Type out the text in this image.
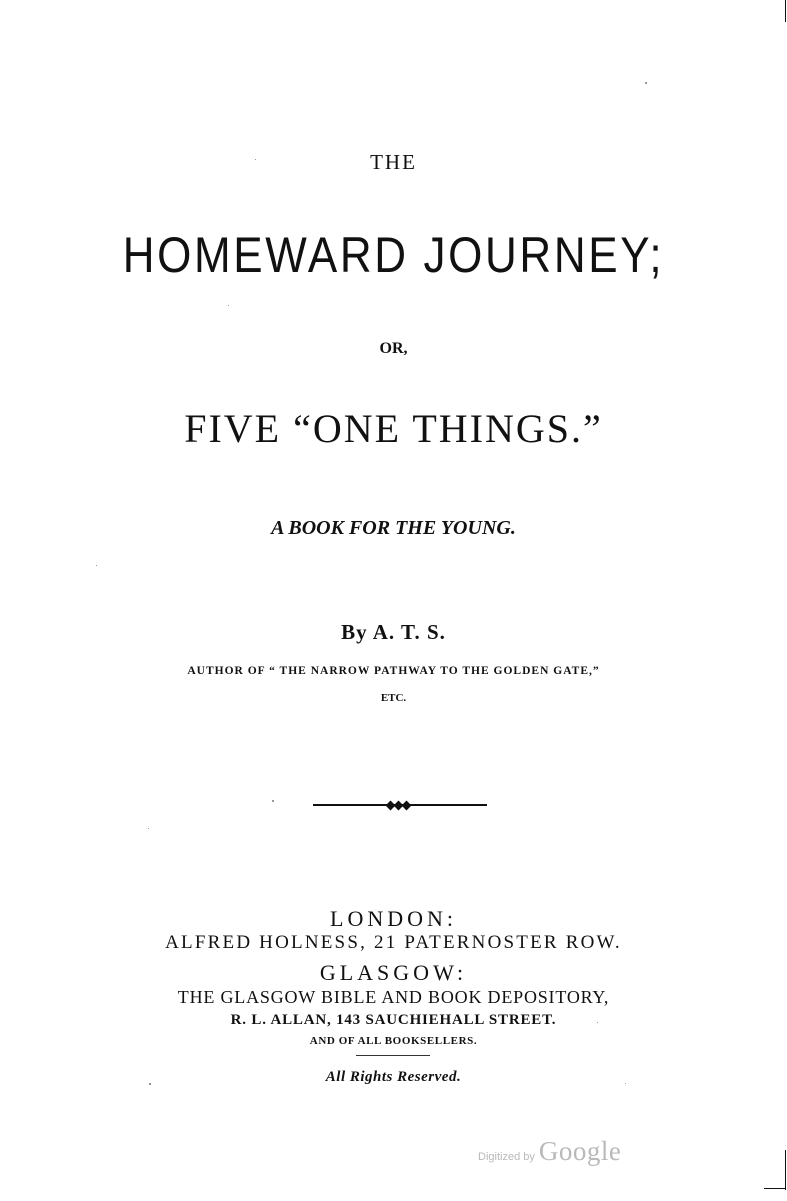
THE
HOMEWARD JOURNEY;
OR,
FIVE “ONE THINGS.”
A BOOK FOR THE YOUNG.
By A. T. S.
AUTHOR OF “ THE NARROW PATHWAY TO THE GOLDEN GATE,”
ETC.
LONDON:
ALFRED HOLNESS, 21 PATERNOSTER ROW.
GLASGOW:
THE GLASGOW BIBLE AND BOOK DEPOSITORY,
R. L. ALLAN, 143 SAUCHIEHALL STREET.
AND OF ALL BOOKSELLERS.
All Rights Reserved.
Digitized by Google
